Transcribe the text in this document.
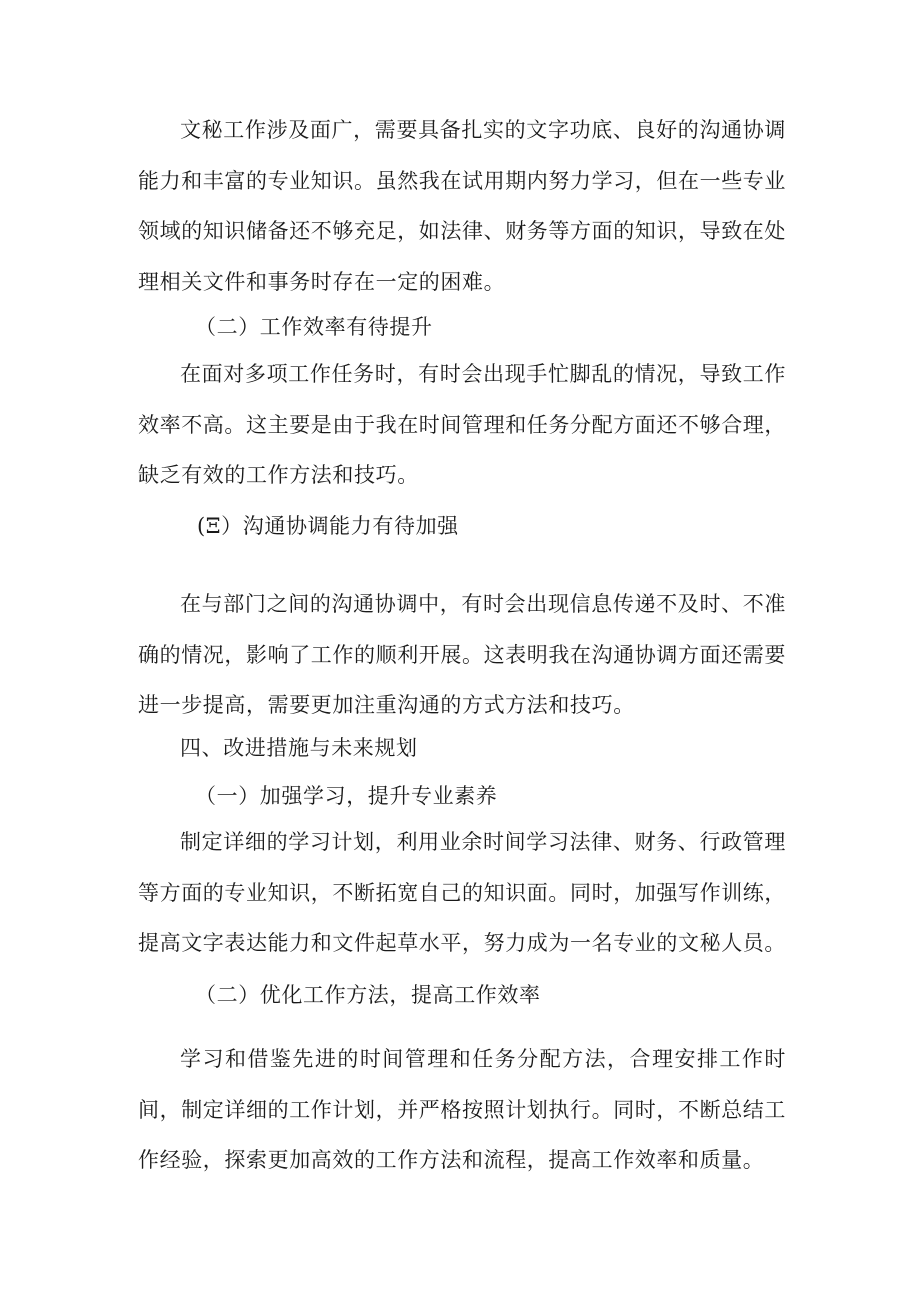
文秘工作涉及面广，需要具备扎实的文字功底、良好的沟通协调能力和丰富的专业知识。虽然我在试用期内努力学习，但在一些专业领域的知识储备还不够充足，如法律、财务等方面的知识，导致在处理相关文件和事务时存在一定的困难。

（二）工作效率有待提升

在面对多项工作任务时，有时会出现手忙脚乱的情况，导致工作效率不高。这主要是由于我在时间管理和任务分配方面还不够合理，缺乏有效的工作方法和技巧。

(Ξ）沟通协调能力有待加强

在与部门之间的沟通协调中，有时会出现信息传递不及时、不准确的情况，影响了工作的顺利开展。这表明我在沟通协调方面还需要进一步提高，需要更加注重沟通的方式方法和技巧。

四、改进措施与未来规划

（一）加强学习，提升专业素养

制定详细的学习计划，利用业余时间学习法律、财务、行政管理等方面的专业知识，不断拓宽自己的知识面。同时，加强写作训练，提高文字表达能力和文件起草水平，努力成为一名专业的文秘人员。

（二）优化工作方法，提高工作效率

学习和借鉴先进的时间管理和任务分配方法，合理安排工作时间，制定详细的工作计划，并严格按照计划执行。同时，不断总结工作经验，探索更加高效的工作方法和流程，提高工作效率和质量。
